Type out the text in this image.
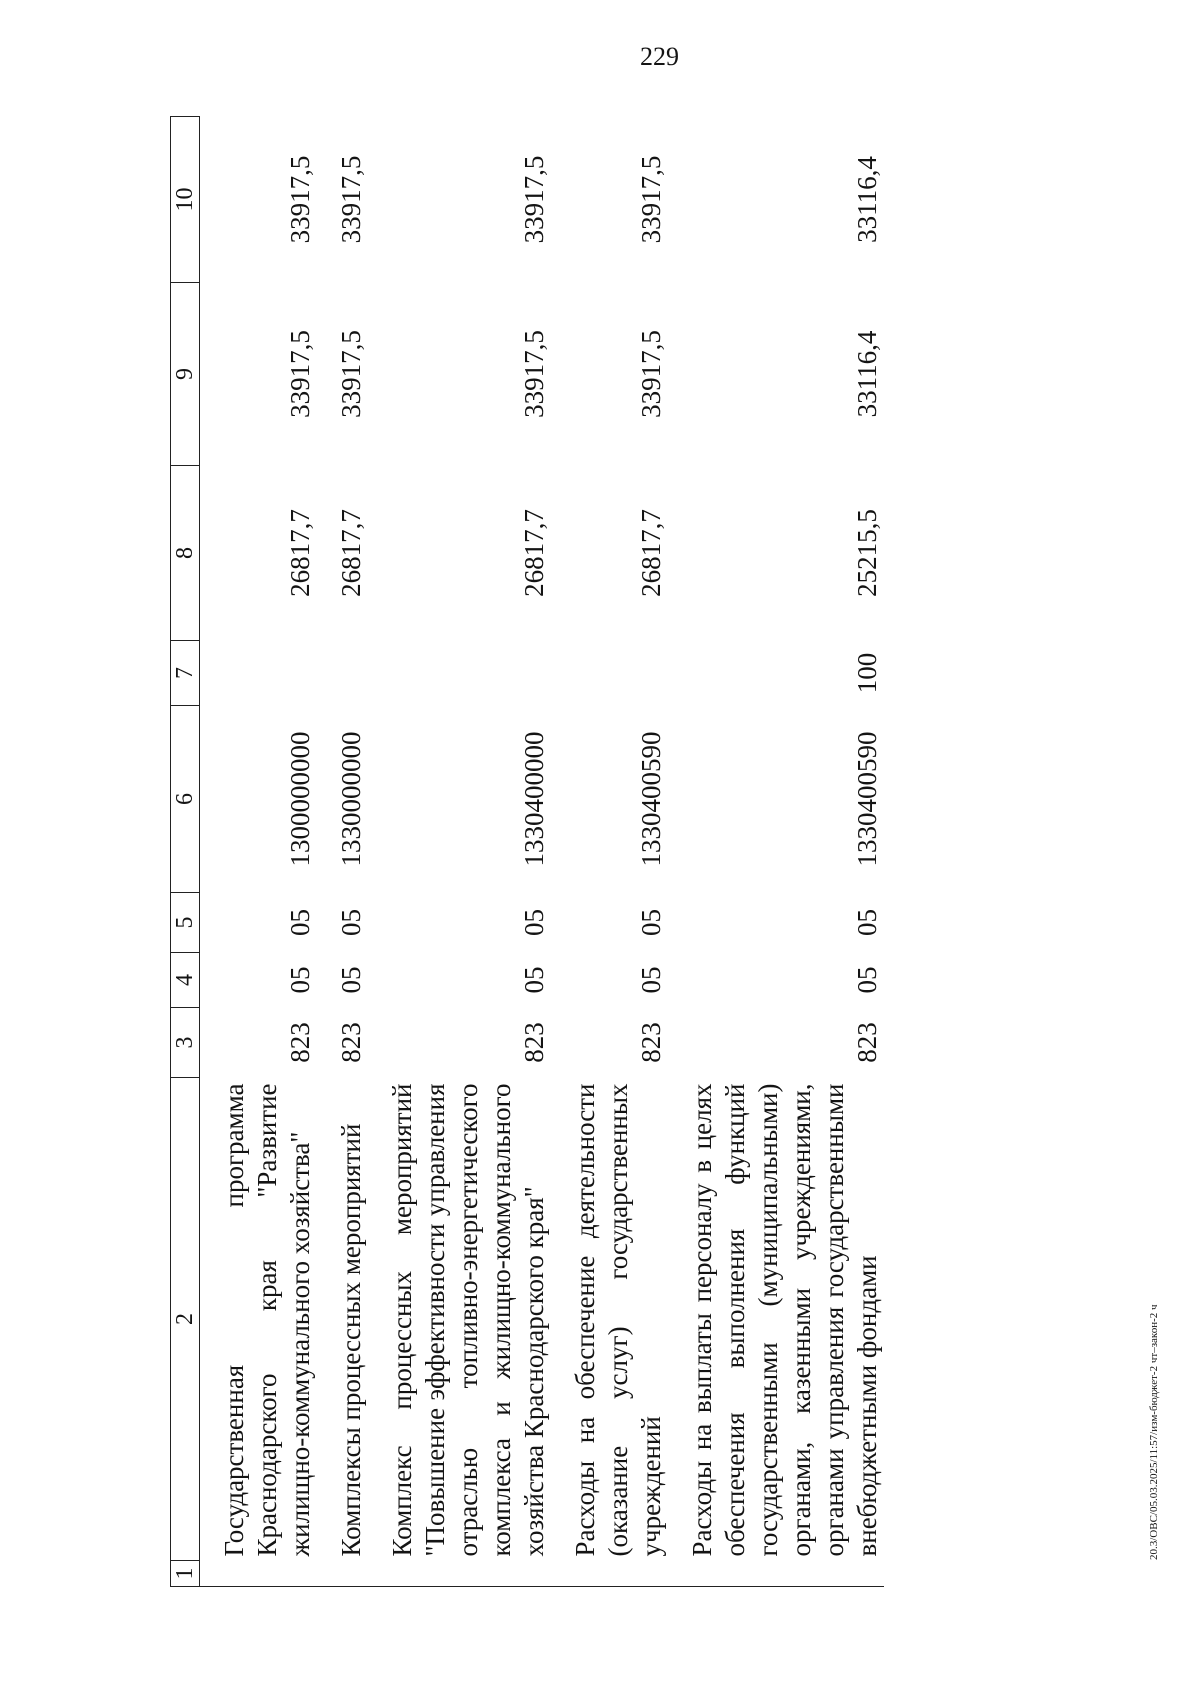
229
1	2	3	4	5	6	7	8	9	10

	Государственная программа Краснодарского края "Развитие жилищно-коммунального хозяйства"	823	05	05	1300000000		26817,7	33917,5	33917,5

	Комплексы процессных мероприятий	823	05	05	1330000000		26817,7	33917,5	33917,5

	Комплекс процессных мероприятий "Повышение эффективности управления отраслью топливно-энергетического комплекса и жилищно-коммунального хозяйства Краснодарского края"	823	05	05	1330400000		26817,7	33917,5	33917,5

	Расходы на обеспечение деятельности (оказание услуг) государственных учреждений	823	05	05	1330400590		26817,7	33917,5	33917,5

	Расходы на выплаты персоналу в целях обеспечения выполнения функций государственными (муниципальными) органами, казенными учреждениями, органами управления государственными внебюджетными фондами	823	05	05	1330400590	100	25215,5	33116,4	33116,4
20.3/OBC/05.03.2025/11:57/изм-бюджет-2 чт–закон-2 ч
